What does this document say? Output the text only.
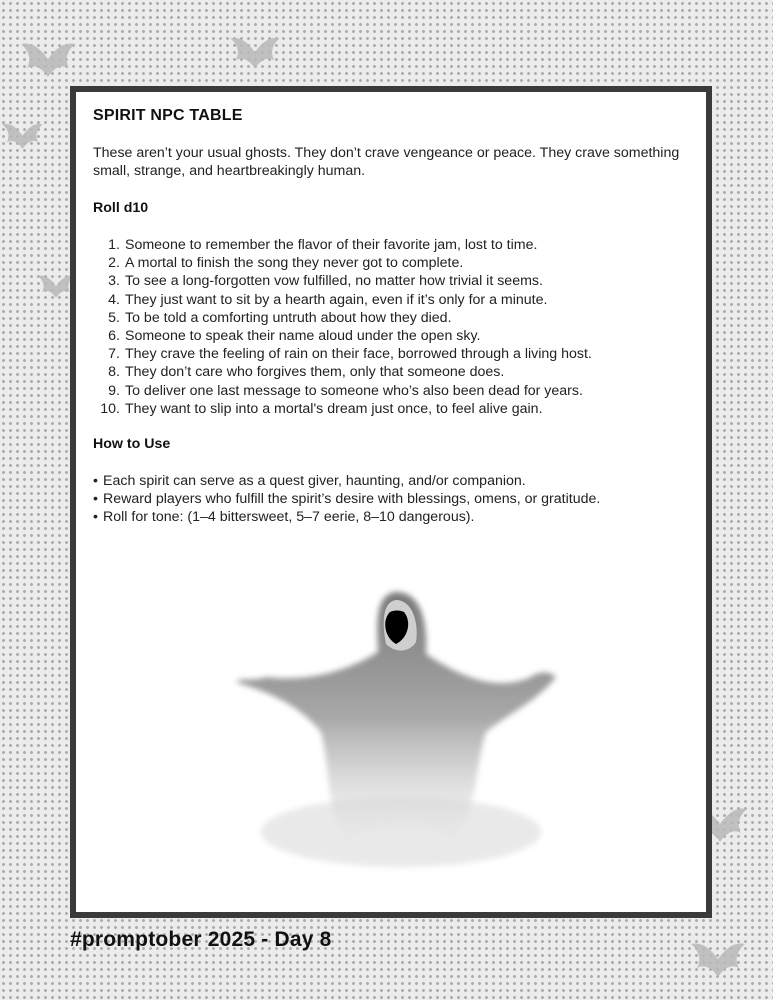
SPIRIT NPC TABLE

These aren’t your usual ghosts. They don’t crave vengeance or peace. They crave something small, strange, and heartbreakingly human.

Roll d10
1. Someone to remember the flavor of their favorite jam, lost to time.
2. A mortal to finish the song they never got to complete.
3. To see a long-forgotten vow fulfilled, no matter how trivial it seems.
4. They just want to sit by a hearth again, even if it’s only for a minute.
5. To be told a comforting untruth about how they died.
6. Someone to speak their name aloud under the open sky.
7. They crave the feeling of rain on their face, borrowed through a living host.
8. They don’t care who forgives them, only that someone does.
9. To deliver one last message to someone who’s also been dead for years.
10. They want to slip into a mortal's dream just once, to feel alive gain.
How to Use
• Each spirit can serve as a quest giver, haunting, and/or companion.
• Reward players who fulfill the spirit’s desire with blessings, omens, or gratitude.
• Roll for tone: (1–4 bittersweet, 5–7 eerie, 8–10 dangerous).
#promptober 2025 - Day 8
